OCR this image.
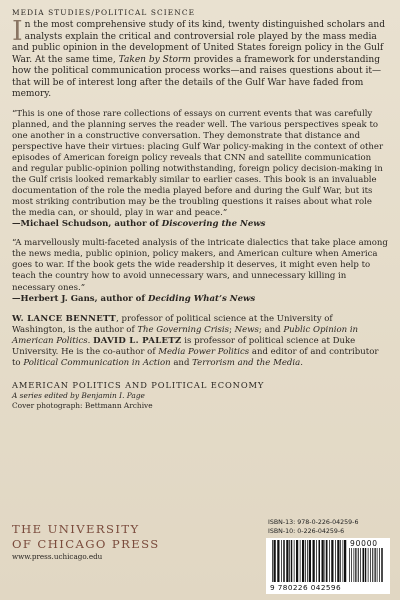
MEDIA STUDIES/POLITICAL SCIENCE
In the most comprehensive study of its kind, twenty distinguished scholars and analysts explain the critical and controversial role played by the mass media and public opinion in the development of United States foreign policy in the Gulf War. At the same time, Taken by Storm provides a framework for understanding how the political communication process works—and raises questions about it—that will be of interest long after the details of the Gulf War have faded from memory.
“This is one of those rare collections of essays on current events that was carefully planned, and the planning serves the reader well. The various perspectives speak to one another in a constructive conversation. They demonstrate that distance and perspective have their virtues: placing Gulf War policy-making in the context of other episodes of American foreign policy reveals that CNN and satellite communication and regular public-opinion polling notwithstanding, foreign policy decision-making in the Gulf crisis looked remarkably similar to earlier cases. This book is an invaluable documentation of the role the media played before and during the Gulf War, but its most striking contribution may be the troubling questions it raises about what role the media can, or should, play in war and peace.”
—Michael Schudson, author of Discovering the News
“A marvellously multi-faceted analysis of the intricate dialectics that take place among the news media, public opinion, policy makers, and American culture when America goes to war. If the book gets the wide readership it deserves, it might even help to teach the country how to avoid unnecessary wars, and unnecessary killing in necessary ones.”
—Herbert J. Gans, author of Deciding What’s News
W. LANCE BENNETT, professor of political science at the University of Washington, is the author of The Governing Crisis; News; and Public Opinion in American Politics. DAVID L. PALETZ is professor of political science at Duke University. He is the co-author of Media Power Politics and editor of and contributor to Political Communication in Action and Terrorism and the Media.
AMERICAN POLITICS AND POLITICAL ECONOMY
A series edited by Benjamin I. Page
Cover photograph: Bettmann Archive
THE UNIVERSITY
OF CHICAGO PRESS
www.press.uchicago.edu
ISBN-13: 978-0-226-04259-6
ISBN-10: 0-226-04259-6
90000
9 780226 042596
